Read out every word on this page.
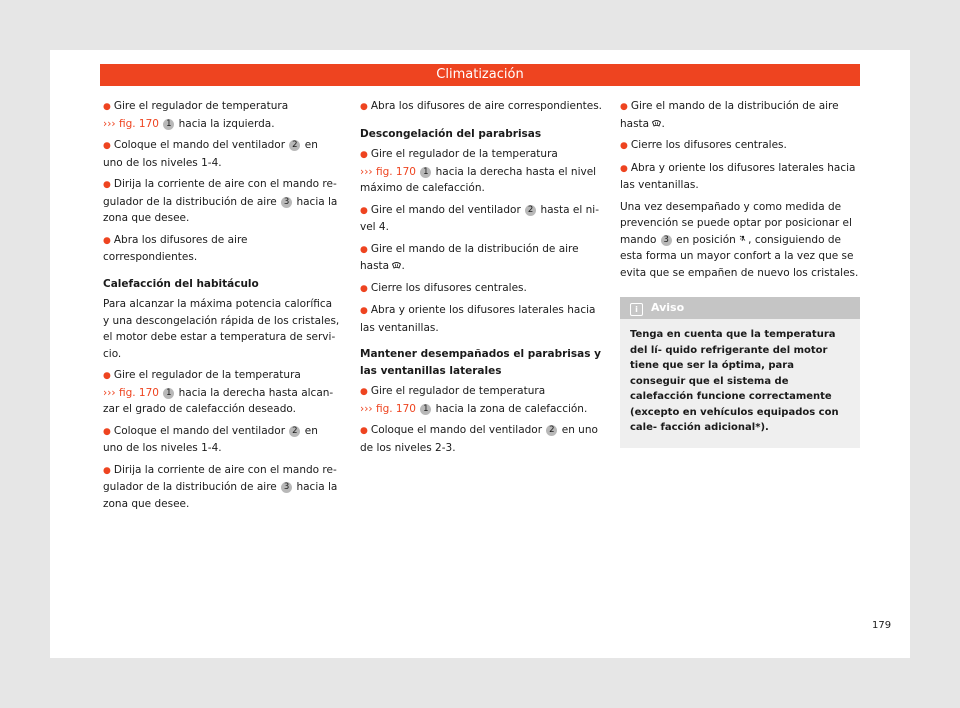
Climatización

● Gire el regulador de temperatura
››› fig. 170 1 hacia la izquierda.

● Coloque el mando del ventilador 2 en uno de los niveles 1-4.

● Dirija la corriente de aire con el mando re- gulador de la distribución de aire 3 hacia la zona que desee.

● Abra los difusores de aire correspondientes.

Calefacción del habitáculo

Para alcanzar la máxima potencia calorífica y una descongelación rápida de los cristales, el motor debe estar a temperatura de servi- cio.

● Gire el regulador de la temperatura
››› fig. 170 1 hacia la derecha hasta alcan- zar el grado de calefacción deseado.

● Coloque el mando del ventilador 2 en uno de los niveles 1-4.

● Dirija la corriente de aire con el mando re- gulador de la distribución de aire 3 hacia la zona que desee.

● Abra los difusores de aire correspondientes.

Descongelación del parabrisas

● Gire el regulador de la temperatura
››› fig. 170 1 hacia la derecha hasta el nivel máximo de calefacción.

● Gire el mando del ventilador 2 hasta el ni- vel 4.

● Gire el mando de la distribución de aire hasta .

● Cierre los difusores centrales.

● Abra y oriente los difusores laterales hacia las ventanillas.

Mantener desempañados el parabrisas y las ventanillas laterales

● Gire el regulador de temperatura
››› fig. 170 1 hacia la zona de calefacción.

● Coloque el mando del ventilador 2 en uno de los niveles 2-3.

● Gire el mando de la distribución de aire hasta .

● Cierre los difusores centrales.

● Abra y oriente los difusores laterales hacia las ventanillas.

Una vez desempañado y como medida de prevención se puede optar por posicionar el mando 3 en posición , consiguiendo de esta forma un mayor confort a la vez que se evita que se empañen de nuevo los cristales.

i Aviso
Tenga en cuenta que la temperatura del lí- quido refrigerante del motor tiene que ser la óptima, para conseguir que el sistema de calefacción funcione correctamente (excepto en vehículos equipados con cale- facción adicional*).
179
